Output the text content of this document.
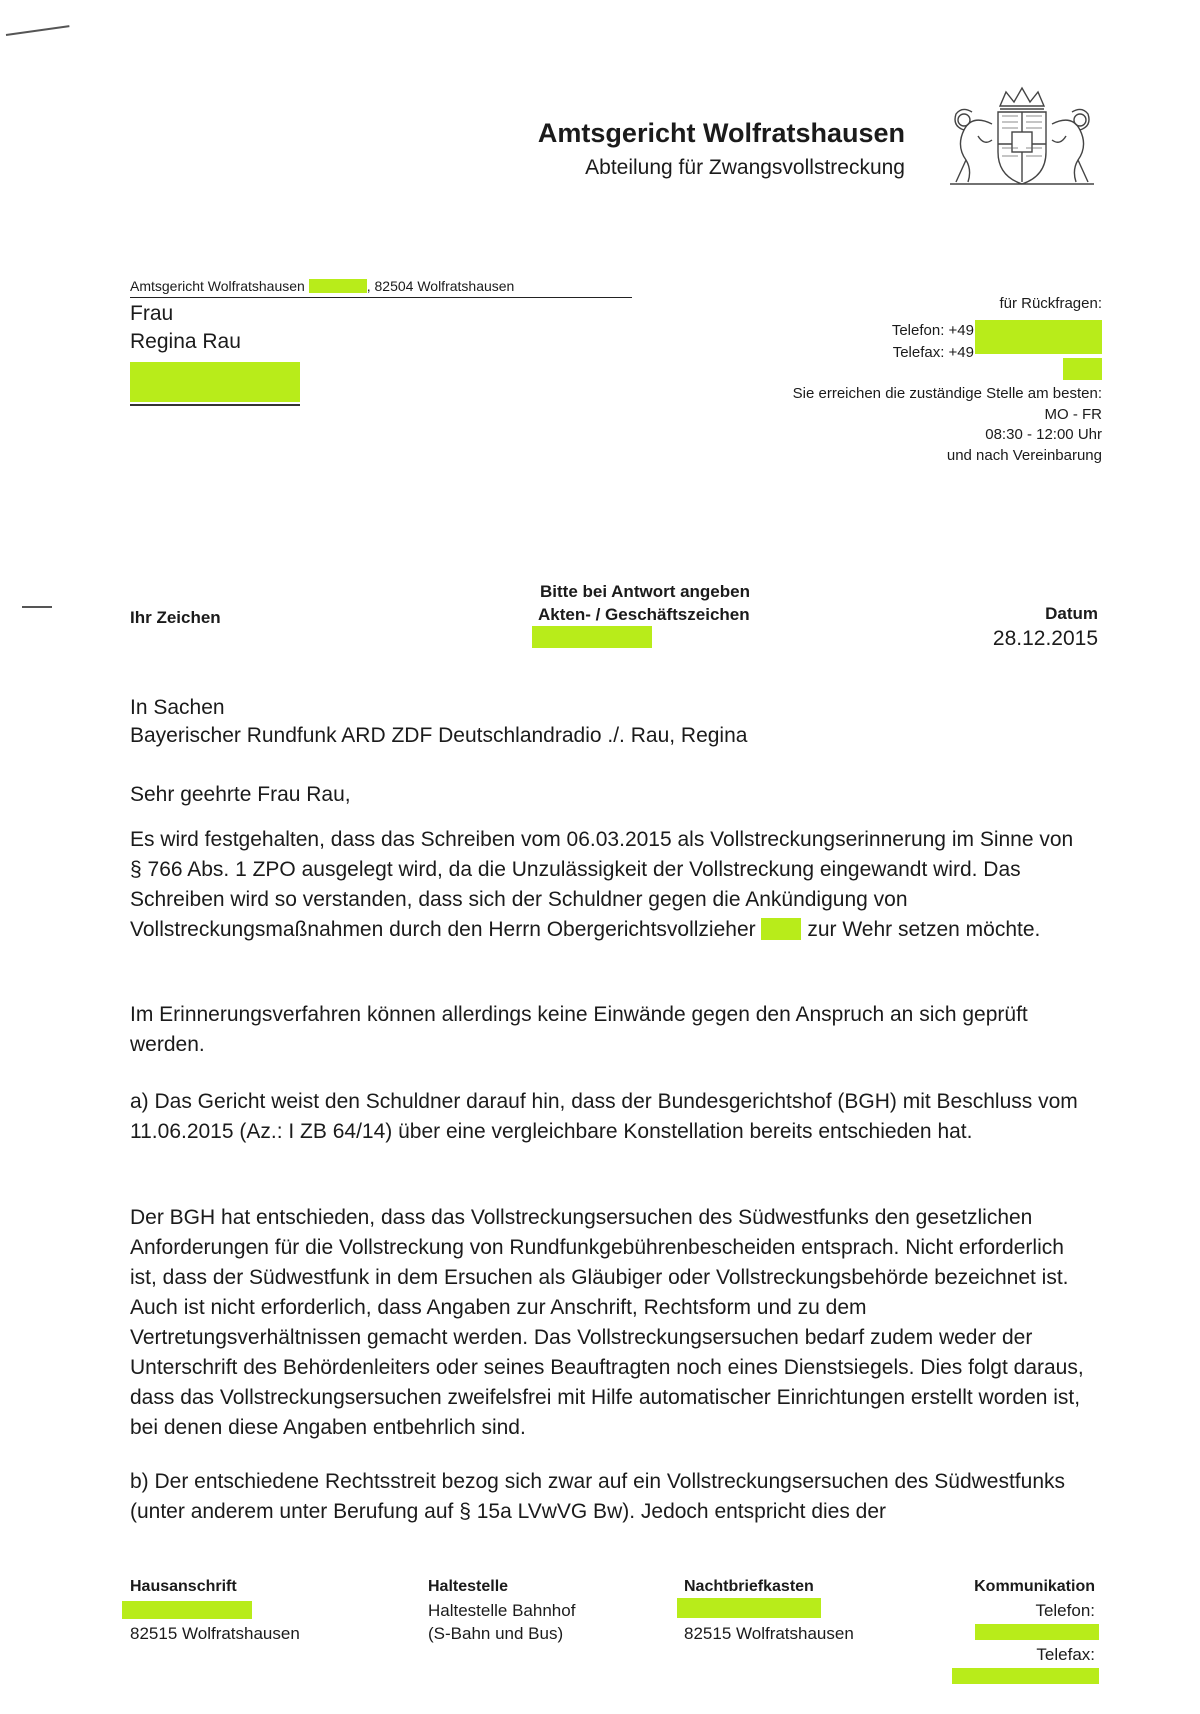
Amtsgericht Wolfratshausen
Abteilung für Zwangsvollstreckung
Amtsgericht Wolfratshausen	, 82504 Wolfratshausen
Frau
Regina Rau
für Rückfragen:
Telefon: +49
Telefax: +49
Sie erreichen die zuständige Stelle am besten:
MO - FR
08:30 - 12:00 Uhr
und nach Vereinbarung
Ihr Zeichen
Bitte bei Antwort angeben
Akten- / Geschäftszeichen	Datum
28.12.2015
In Sachen
Bayerischer Rundfunk ARD ZDF Deutschlandradio ./. Rau, Regina
Sehr geehrte Frau Rau,

Es wird festgehalten, dass das Schreiben vom 06.03.2015 als Vollstreckungserinnerung im Sinne von § 766 Abs. 1 ZPO ausgelegt wird, da die Unzulässigkeit der Vollstreckung eingewandt wird. Das Schreiben wird so verstanden, dass sich der Schuldner gegen die Ankündigung von Vollstreckungsmaßnahmen durch den Herrn Obergerichtsvollzieher zur Wehr setzen möchte.

Im Erinnerungsverfahren können allerdings keine Einwände gegen den Anspruch an sich geprüft werden.

a) Das Gericht weist den Schuldner darauf hin, dass der Bundesgerichtshof (BGH) mit Beschluss vom 11.06.2015 (Az.: I ZB 64/14) über eine vergleichbare Konstellation bereits entschieden hat.

Der BGH hat entschieden, dass das Vollstreckungsersuchen des Südwestfunks den gesetzlichen Anforderungen für die Vollstreckung von Rundfunkgebührenbescheiden entsprach. Nicht erforderlich ist, dass der Südwestfunk in dem Ersuchen als Gläubiger oder Vollstreckungsbehörde bezeichnet ist. Auch ist nicht erforderlich, dass Angaben zur Anschrift, Rechtsform und zu dem Vertretungsverhältnissen gemacht werden. Das Vollstreckungsersuchen bedarf zudem weder der Unterschrift des Behördenleiters oder seines Beauftragten noch eines Dienstsiegels. Dies folgt daraus, dass das Vollstreckungsersuchen zweifelsfrei mit Hilfe automatischer Einrichtungen erstellt worden ist, bei denen diese Angaben entbehrlich sind.

b) Der entschiedene Rechtsstreit bezog sich zwar auf ein Vollstreckungsersuchen des Südwestfunks (unter anderem unter Berufung auf § 15a LVwVG Bw). Jedoch entspricht dies der

Hausanschrift
82515 Wolfratshausen
Haltestelle
Haltestelle Bahnhof
(S-Bahn und Bus)
Nachtbriefkasten
82515 Wolfratshausen
Kommunikation
Telefon:
Telefax:
